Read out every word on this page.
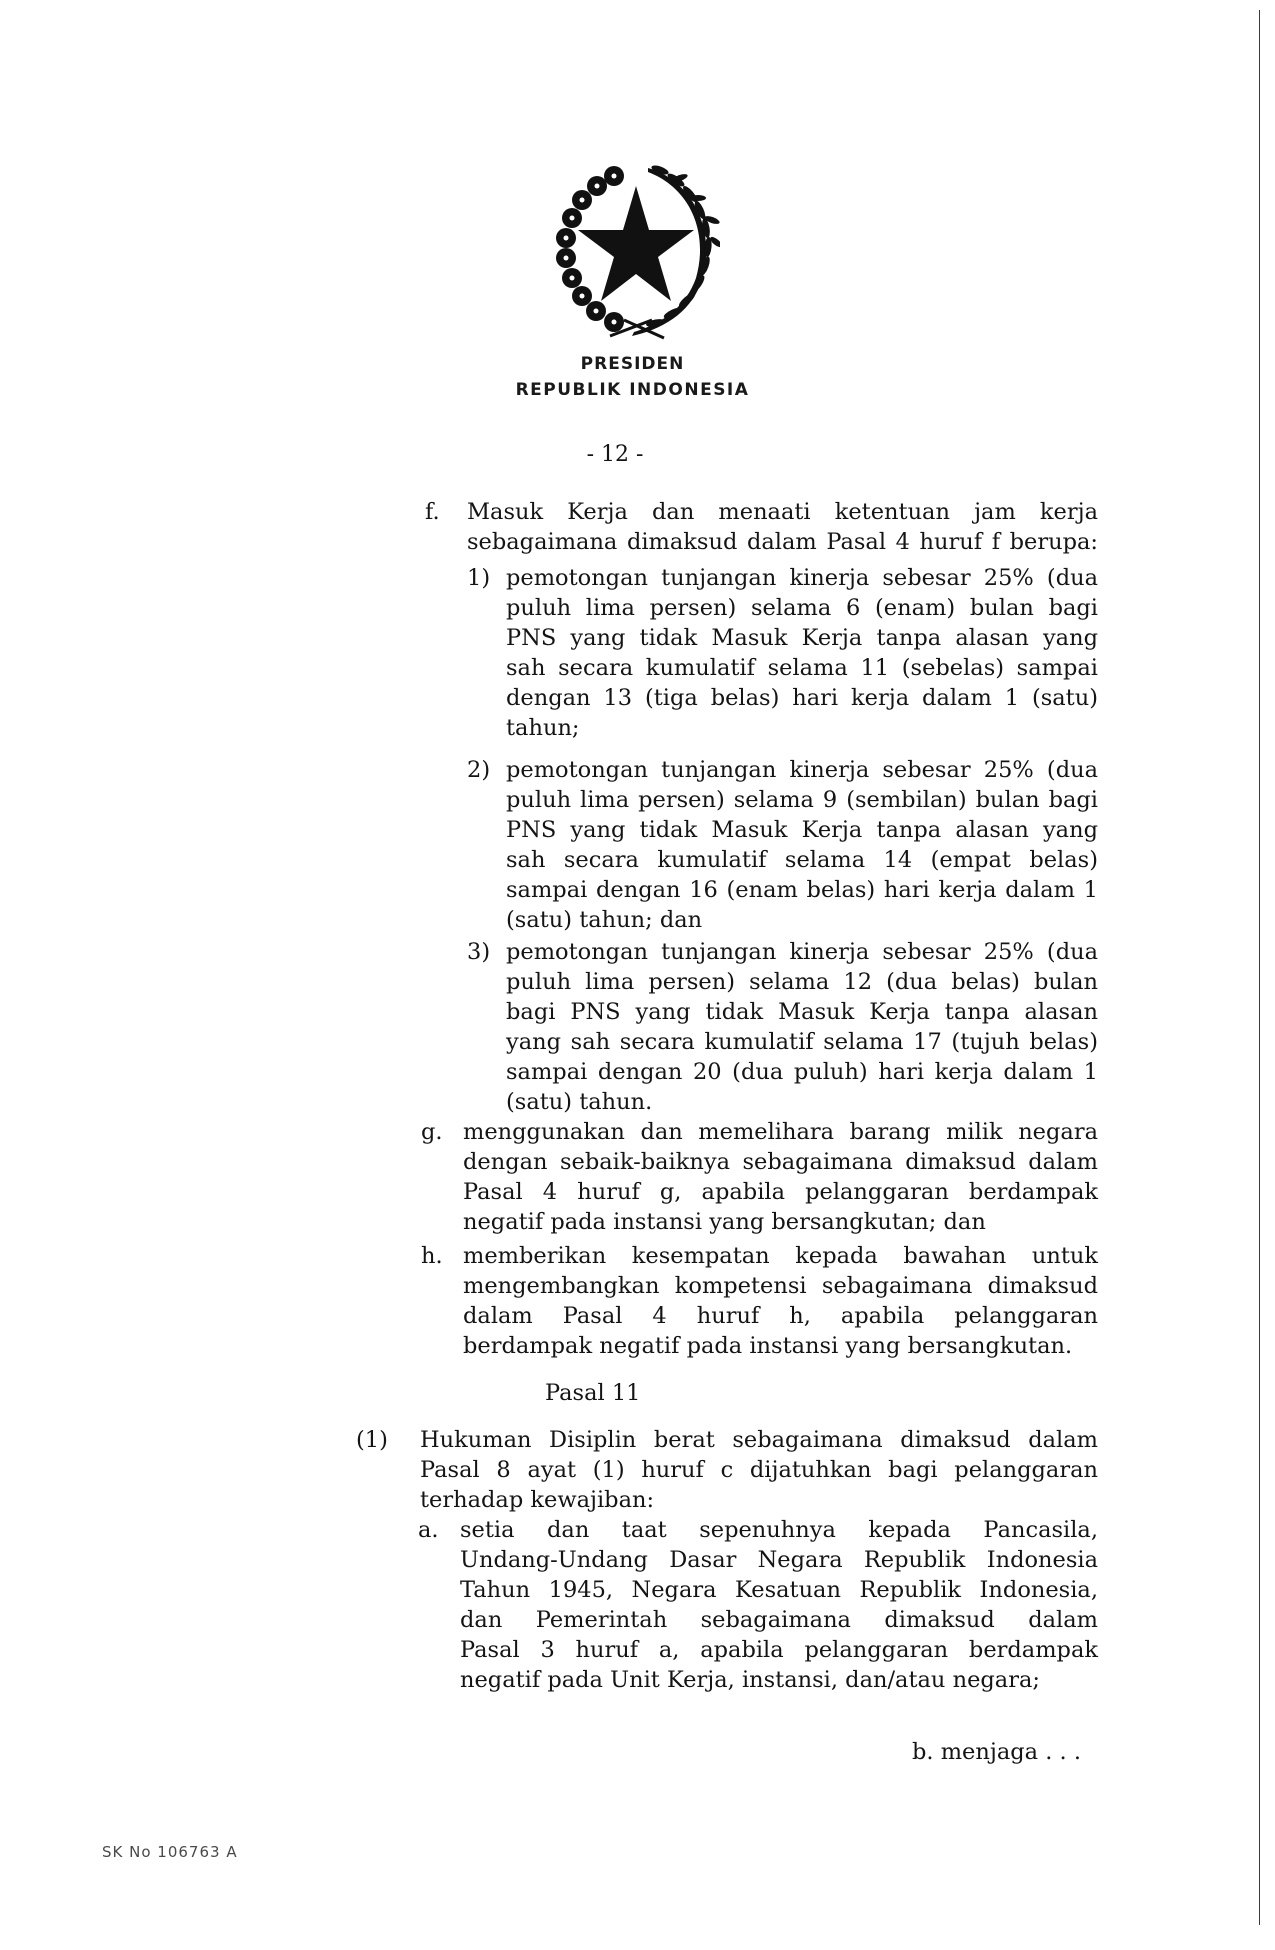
PRESIDEN
REPUBLIK INDONESIA
- 12 -
f. Masuk Kerja dan menaati ketentuan jam kerja
sebagaimana dimaksud dalam Pasal 4 huruf f berupa:
1) pemotongan tunjangan kinerja sebesar 25% (dua
puluh lima persen) selama 6 (enam) bulan bagi
PNS yang tidak Masuk Kerja tanpa alasan yang
sah secara kumulatif selama 11 (sebelas) sampai
dengan 13 (tiga belas) hari kerja dalam 1 (satu)
tahun;
2) pemotongan tunjangan kinerja sebesar 25% (dua
puluh lima persen) selama 9 (sembilan) bulan bagi
PNS yang tidak Masuk Kerja tanpa alasan yang
sah secara kumulatif selama 14 (empat belas)
sampai dengan 16 (enam belas) hari kerja dalam 1
(satu) tahun; dan
3) pemotongan tunjangan kinerja sebesar 25% (dua
puluh lima persen) selama 12 (dua belas) bulan
bagi PNS yang tidak Masuk Kerja tanpa alasan
yang sah secara kumulatif selama 17 (tujuh belas)
sampai dengan 20 (dua puluh) hari kerja dalam 1
(satu) tahun.
g. menggunakan dan memelihara barang milik negara
dengan sebaik-baiknya sebagaimana dimaksud dalam
Pasal 4 huruf g, apabila pelanggaran berdampak
negatif pada instansi yang bersangkutan; dan
h. memberikan kesempatan kepada bawahan untuk
mengembangkan kompetensi sebagaimana dimaksud
dalam Pasal 4 huruf h, apabila pelanggaran
berdampak negatif pada instansi yang bersangkutan.
Pasal 11
(1) Hukuman Disiplin berat sebagaimana dimaksud dalam
Pasal 8 ayat (1) huruf c dijatuhkan bagi pelanggaran
terhadap kewajiban:
a. setia dan taat sepenuhnya kepada Pancasila,
Undang-Undang Dasar Negara Republik Indonesia
Tahun 1945, Negara Kesatuan Republik Indonesia,
dan Pemerintah sebagaimana dimaksud dalam
Pasal 3 huruf a, apabila pelanggaran berdampak
negatif pada Unit Kerja, instansi, dan/atau negara;
b. menjaga . . .
SK No 106763 A
